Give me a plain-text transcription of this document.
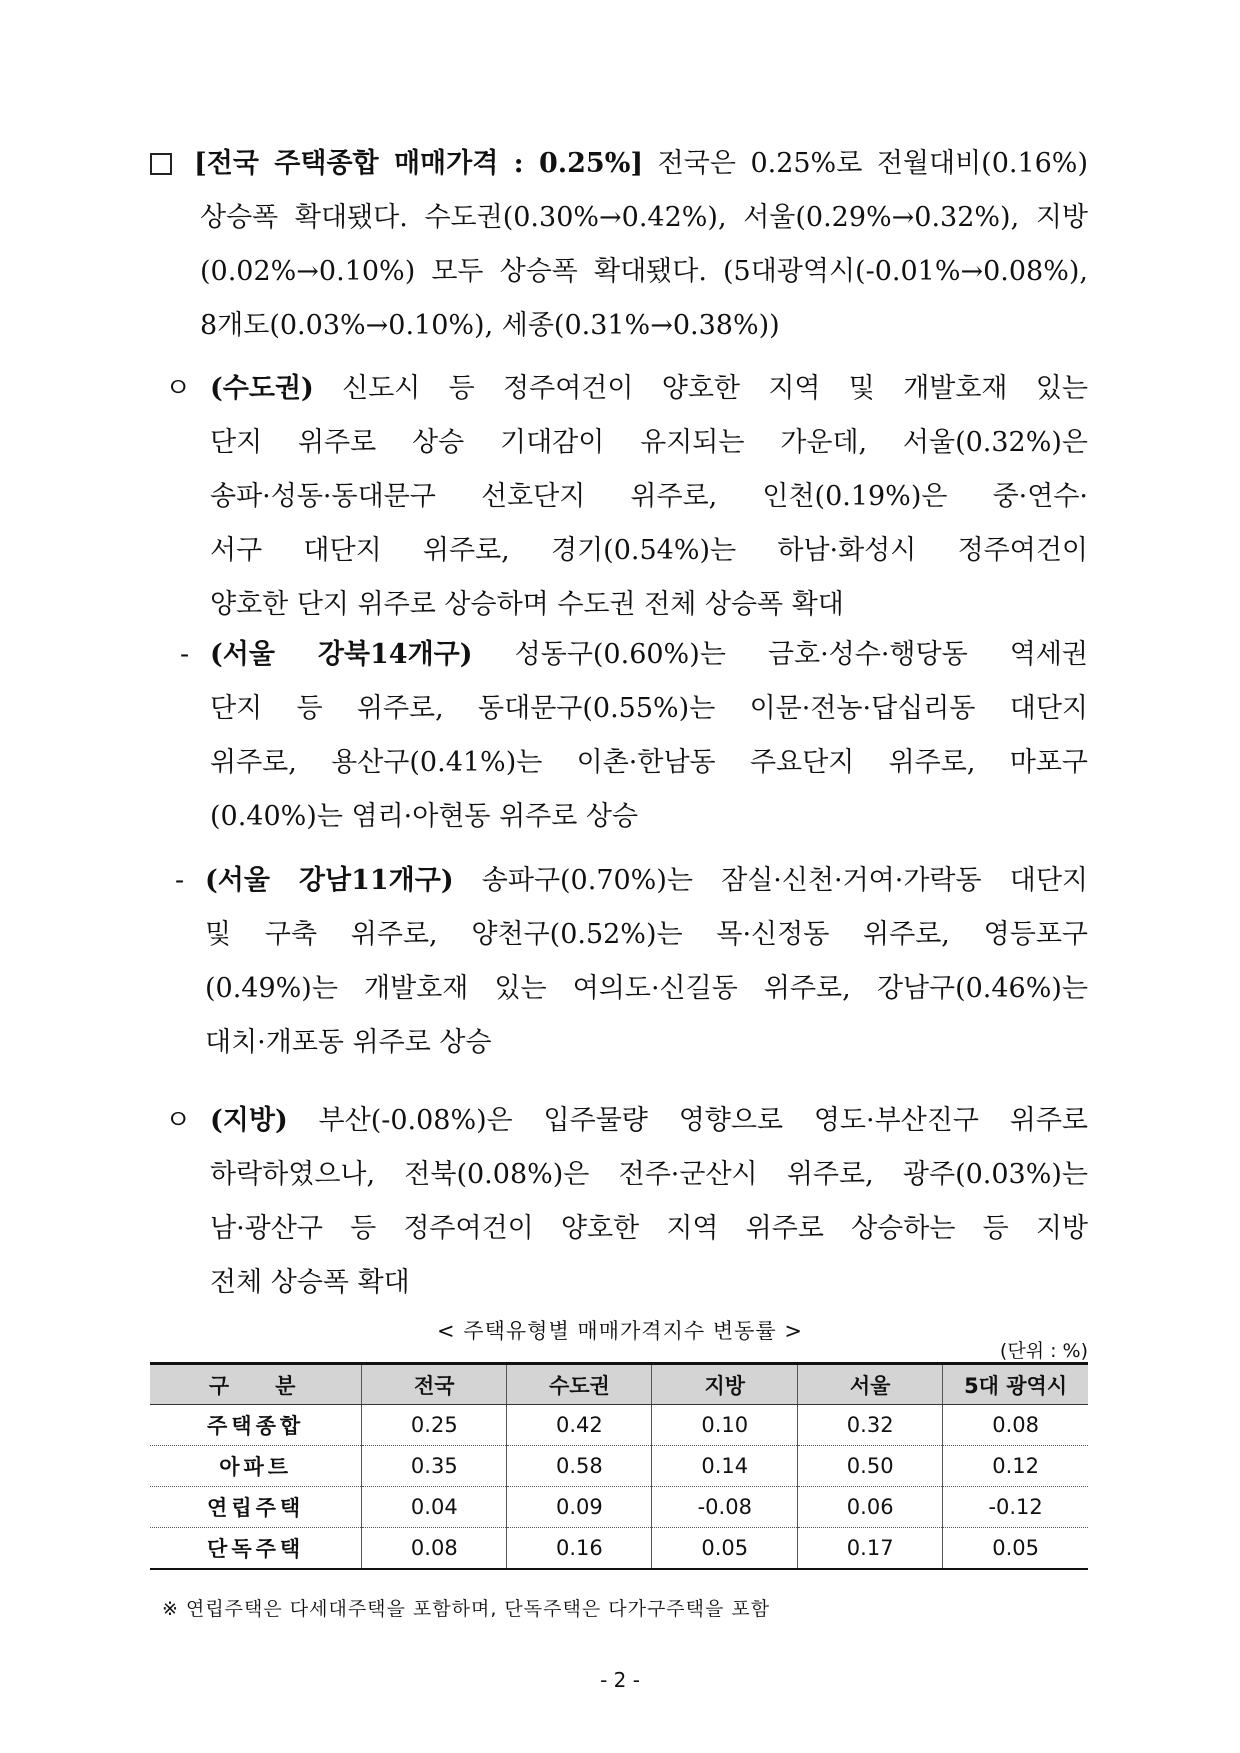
[전국 주택종합 매매가격 : 0.25%] 전국은 0.25%로 전월대비(0.16%)
상승폭 확대됐다. 수도권(0.30%→0.42%), 서울(0.29%→0.32%), 지방
(0.02%→0.10%) 모두 상승폭 확대됐다. (5대광역시(-0.01%→0.08%),
8개도(0.03%→0.10%), 세종(0.31%→0.38%))
ㅇ (수도권) 신도시 등 정주여건이 양호한 지역 및 개발호재 있는
단지 위주로 상승 기대감이 유지되는 가운데, 서울(0.32%)은
송파·성동·동대문구 선호단지 위주로, 인천(0.19%)은 중·연수·
서구 대단지 위주로, 경기(0.54%)는 하남·화성시 정주여건이
양호한 단지 위주로 상승하며 수도권 전체 상승폭 확대
- (서울 강북14개구) 성동구(0.60%)는 금호·성수·행당동 역세권
단지 등 위주로, 동대문구(0.55%)는 이문·전농·답십리동 대단지
위주로, 용산구(0.41%)는 이촌·한남동 주요단지 위주로, 마포구
(0.40%)는 염리·아현동 위주로 상승
- (서울 강남11개구) 송파구(0.70%)는 잠실·신천·거여·가락동 대단지
및 구축 위주로, 양천구(0.52%)는 목·신정동 위주로, 영등포구
(0.49%)는 개발호재 있는 여의도·신길동 위주로, 강남구(0.46%)는
대치·개포동 위주로 상승
ㅇ (지방) 부산(-0.08%)은 입주물량 영향으로 영도·부산진구 위주로
하락하였으나, 전북(0.08%)은 전주·군산시 위주로, 광주(0.03%)는
남·광산구 등 정주여건이 양호한 지역 위주로 상승하는 등 지방
전체 상승폭 확대
< 주택유형별 매매가격지수 변동률 >
(단위 : %)
구분	전국	수도권	지방	서울	5대 광역시
주택종합	0.25	0.42	0.10	0.32	0.08
아파트	0.35	0.58	0.14	0.50	0.12
연립주택	0.04	0.09	-0.08	0.06	-0.12
단독주택	0.08	0.16	0.05	0.17	0.05
※ 연립주택은 다세대주택을 포함하며, 단독주택은 다가구주택을 포함
- 2 -
